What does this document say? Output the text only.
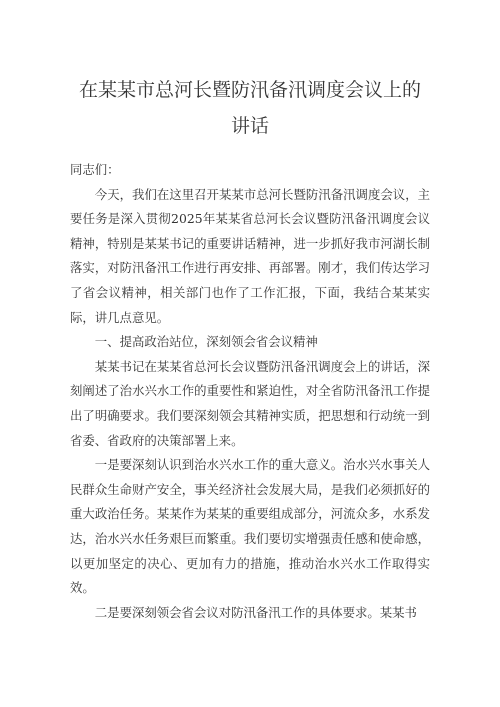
在某某市总河长暨防汛备汛调度会议上的
讲话

同志们：

今天，我们在这里召开某某市总河长暨防汛备汛调度会议，主要任务是深入贯彻2025年某某省总河长会议暨防汛备汛调度会议精神，特别是某某书记的重要讲话精神，进一步抓好我市河湖长制落实，对防汛备汛工作进行再安排、再部署。刚才，我们传达学习了省会议精神，相关部门也作了工作汇报，下面，我结合某某实际，讲几点意见。

一、提高政治站位，深刻领会省会议精神

某某书记在某某省总河长会议暨防汛备汛调度会上的讲话，深刻阐述了治水兴水工作的重要性和紧迫性，对全省防汛备汛工作提出了明确要求。我们要深刻领会其精神实质，把思想和行动统一到省委、省政府的决策部署上来。

一是要深刻认识到治水兴水工作的重大意义。治水兴水事关人民群众生命财产安全，事关经济社会发展大局，是我们必须抓好的重大政治任务。某某作为某某的重要组成部分，河流众多，水系发达，治水兴水任务艰巨而繁重。我们要切实增强责任感和使命感，以更加坚定的决心、更加有力的措施，推动治水兴水工作取得实效。

二是要深刻领会省会议对防汛备汛工作的具体要求。某某书
